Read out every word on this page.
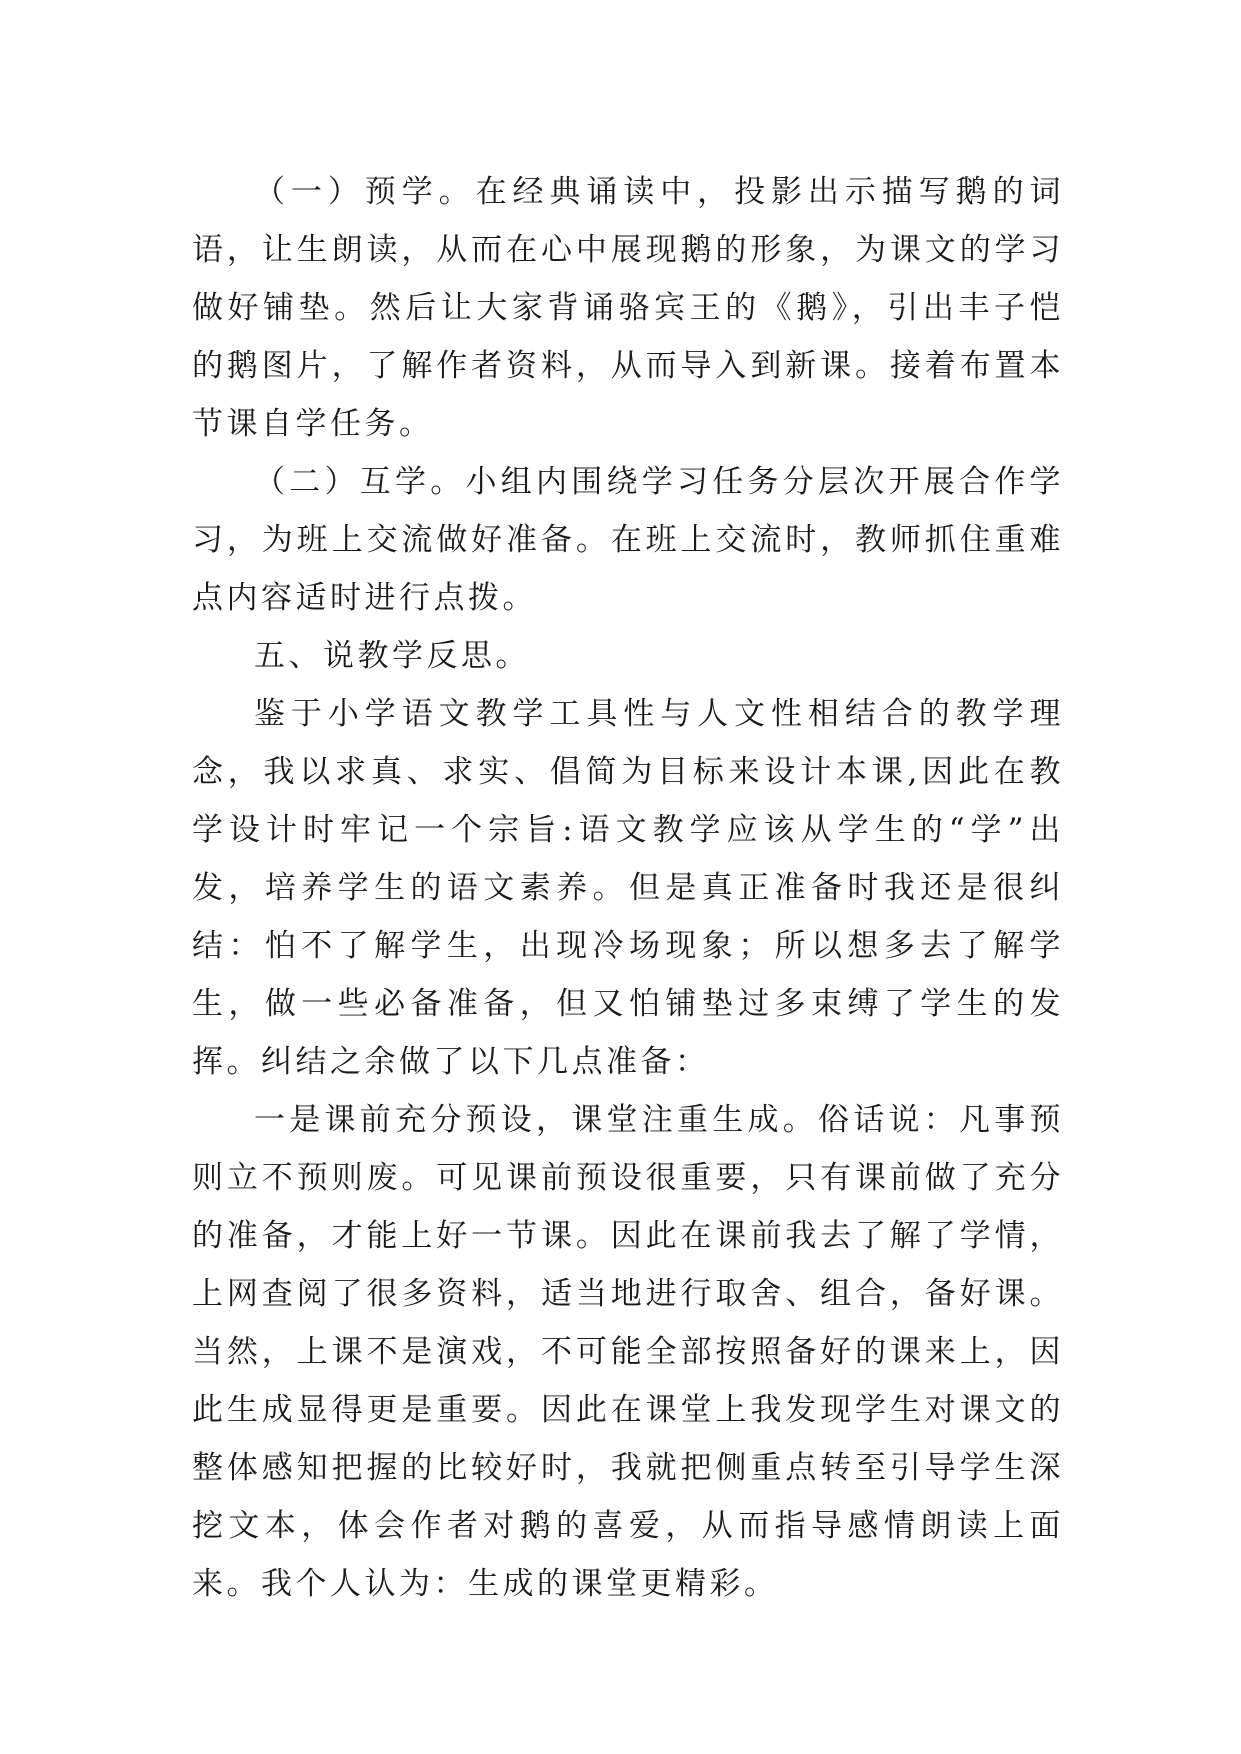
（一）预学。在经典诵读中，投影出示描写鹅的词语，让生朗读，从而在心中展现鹅的形象，为课文的学习做好铺垫。然后让大家背诵骆宾王的《鹅》，引出丰子恺的鹅图片，了解作者资料，从而导入到新课。接着布置本节课自学任务。

（二）互学。小组内围绕学习任务分层次开展合作学习，为班上交流做好准备。在班上交流时，教师抓住重难点内容适时进行点拨。

五、说教学反思。

鉴于小学语文教学工具性与人文性相结合的教学理念，我以求真、求实、倡简为目标来设计本课,因此在教学设计时牢记一个宗旨:语文教学应该从学生的“学”出发，培养学生的语文素养。但是真正准备时我还是很纠结：怕不了解学生，出现冷场现象；所以想多去了解学生，做一些必备准备，但又怕铺垫过多束缚了学生的发挥。纠结之余做了以下几点准备：

一是课前充分预设，课堂注重生成。俗话说：凡事预则立不预则废。可见课前预设很重要，只有课前做了充分的准备，才能上好一节课。因此在课前我去了解了学情，上网查阅了很多资料，适当地进行取舍、组合，备好课。当然，上课不是演戏，不可能全部按照备好的课来上，因此生成显得更是重要。因此在课堂上我发现学生对课文的整体感知把握的比较好时，我就把侧重点转至引导学生深挖文本，体会作者对鹅的喜爱，从而指导感情朗读上面来。我个人认为：生成的课堂更精彩。
